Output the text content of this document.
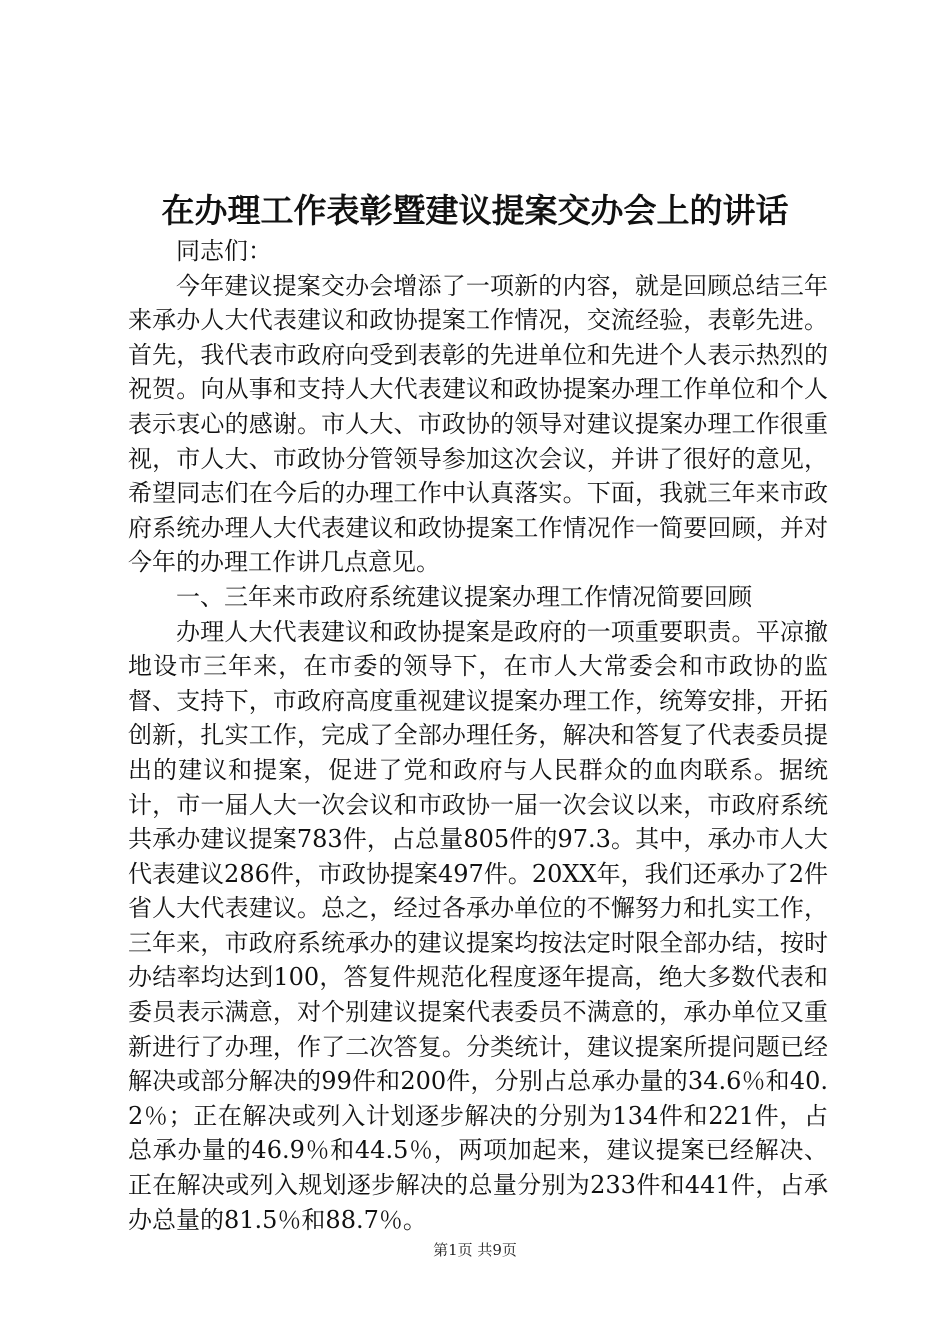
在办理工作表彰暨建议提案交办会上的讲话

同志们：

今年建议提案交办会增添了一项新的内容，就是回顾总结三年来承办人大代表建议和政协提案工作情况，交流经验，表彰先进。首先，我代表市政府向受到表彰的先进单位和先进个人表示热烈的祝贺。向从事和支持人大代表建议和政协提案办理工作单位和个人表示衷心的感谢。市人大、市政协的领导对建议提案办理工作很重视，市人大、市政协分管领导参加这次会议，并讲了很好的意见，希望同志们在今后的办理工作中认真落实。下面，我就三年来市政府系统办理人大代表建议和政协提案工作情况作一简要回顾，并对今年的办理工作讲几点意见。

一、三年来市政府系统建议提案办理工作情况简要回顾

办理人大代表建议和政协提案是政府的一项重要职责。平凉撤地设市三年来，在市委的领导下，在市人大常委会和市政协的监督、支持下，市政府高度重视建议提案办理工作，统筹安排，开拓创新，扎实工作，完成了全部办理任务，解决和答复了代表委员提出的建议和提案，促进了党和政府与人民群众的血肉联系。据统计，市一届人大一次会议和市政协一届一次会议以来，市政府系统共承办建议提案783件，占总量805件的97.3。其中，承办市人大代表建议286件，市政协提案497件。20XX年，我们还承办了2件省人大代表建议。总之，经过各承办单位的不懈努力和扎实工作，三年来，市政府系统承办的建议提案均按法定时限全部办结，按时办结率均达到100，答复件规范化程度逐年提高，绝大多数代表和委员表示满意，对个别建议提案代表委员不满意的，承办单位又重新进行了办理，作了二次答复。分类统计，建议提案所提问题已经解决或部分解决的99件和200件，分别占总承办量的34.6％和40.2％；正在解决或列入计划逐步解决的分别为134件和221件，占总承办量的46.9％和44.5％，两项加起来，建议提案已经解决、正在解决或列入规划逐步解决的总量分别为233件和441件，占承办总量的81.5％和88.7％。

第1页 共9页
